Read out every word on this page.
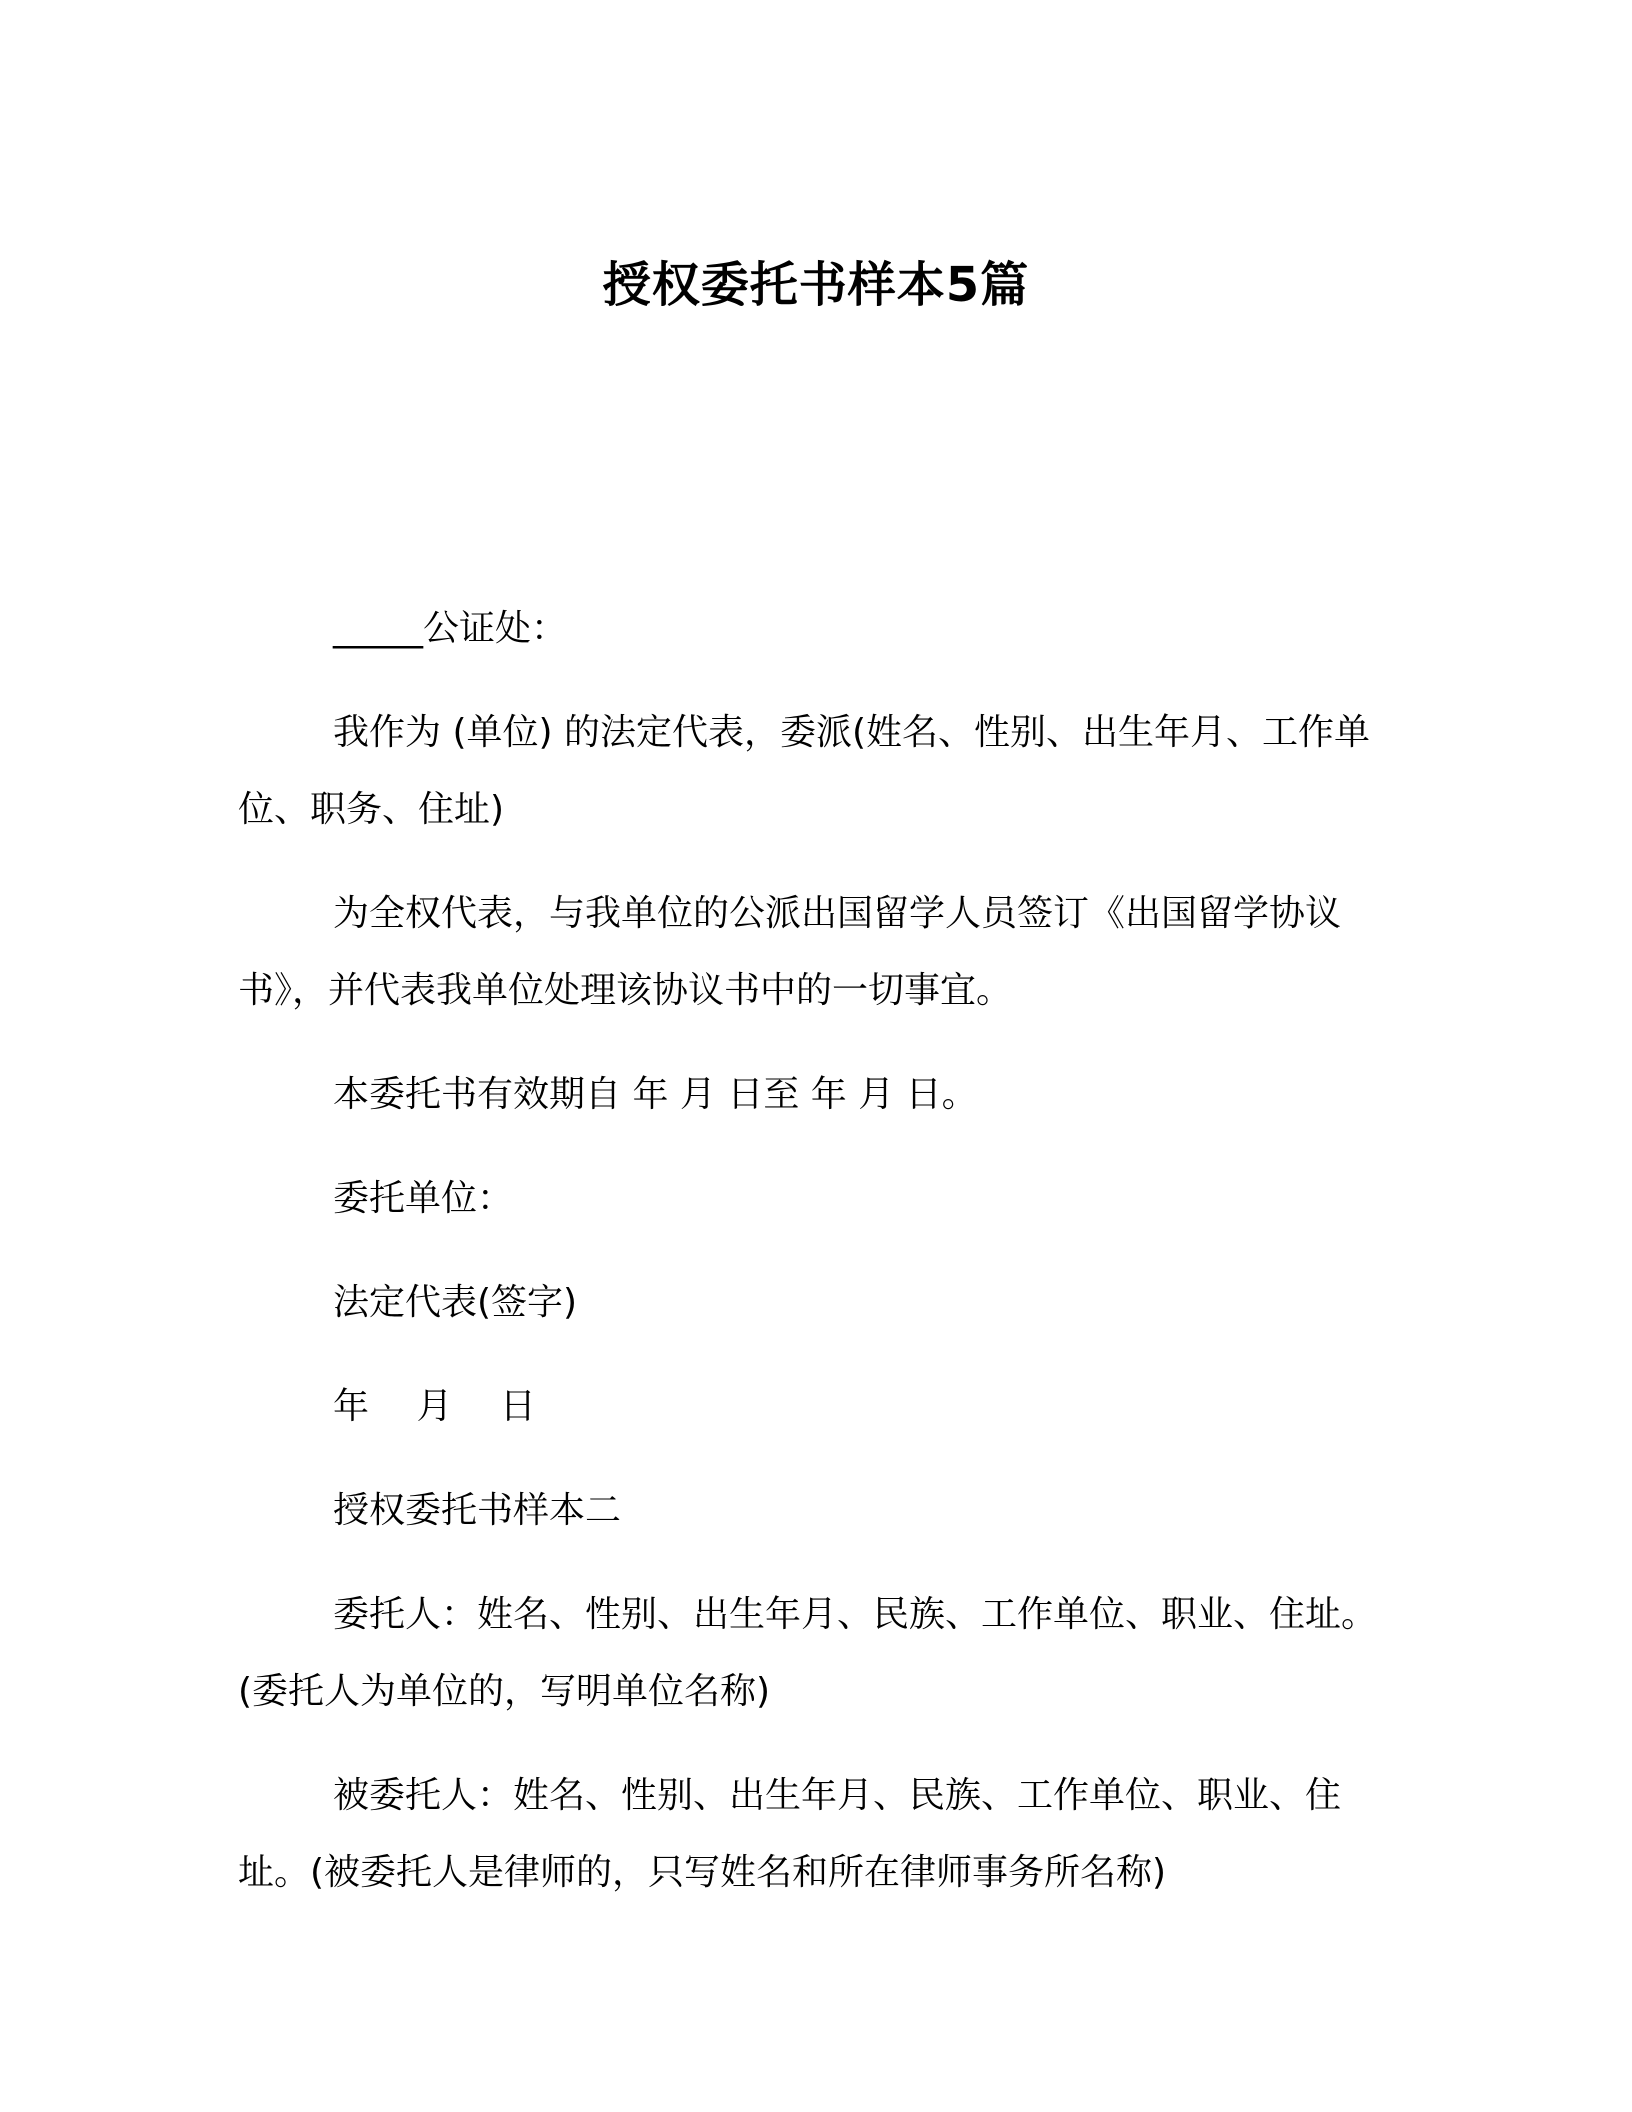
授权委托书样本5篇

_____公证处：

我作为 (单位) 的法定代表，委派(姓名、性别、出生年月、工作单位、职务、住址)

为全权代表，与我单位的公派出国留学人员签订《出国留学协议书》，并代表我单位处理该协议书中的一切事宜。

本委托书有效期自 年 月 日至 年 月 日。

委托单位：

法定代表(签字)

年　 月　 日

授权委托书样本二

委托人：姓名、性别、出生年月、民族、工作单位、职业、住址。(委托人为单位的，写明单位名称)

被委托人：姓名、性别、出生年月、民族、工作单位、职业、住址。(被委托人是律师的，只写姓名和所在律师事务所名称)
